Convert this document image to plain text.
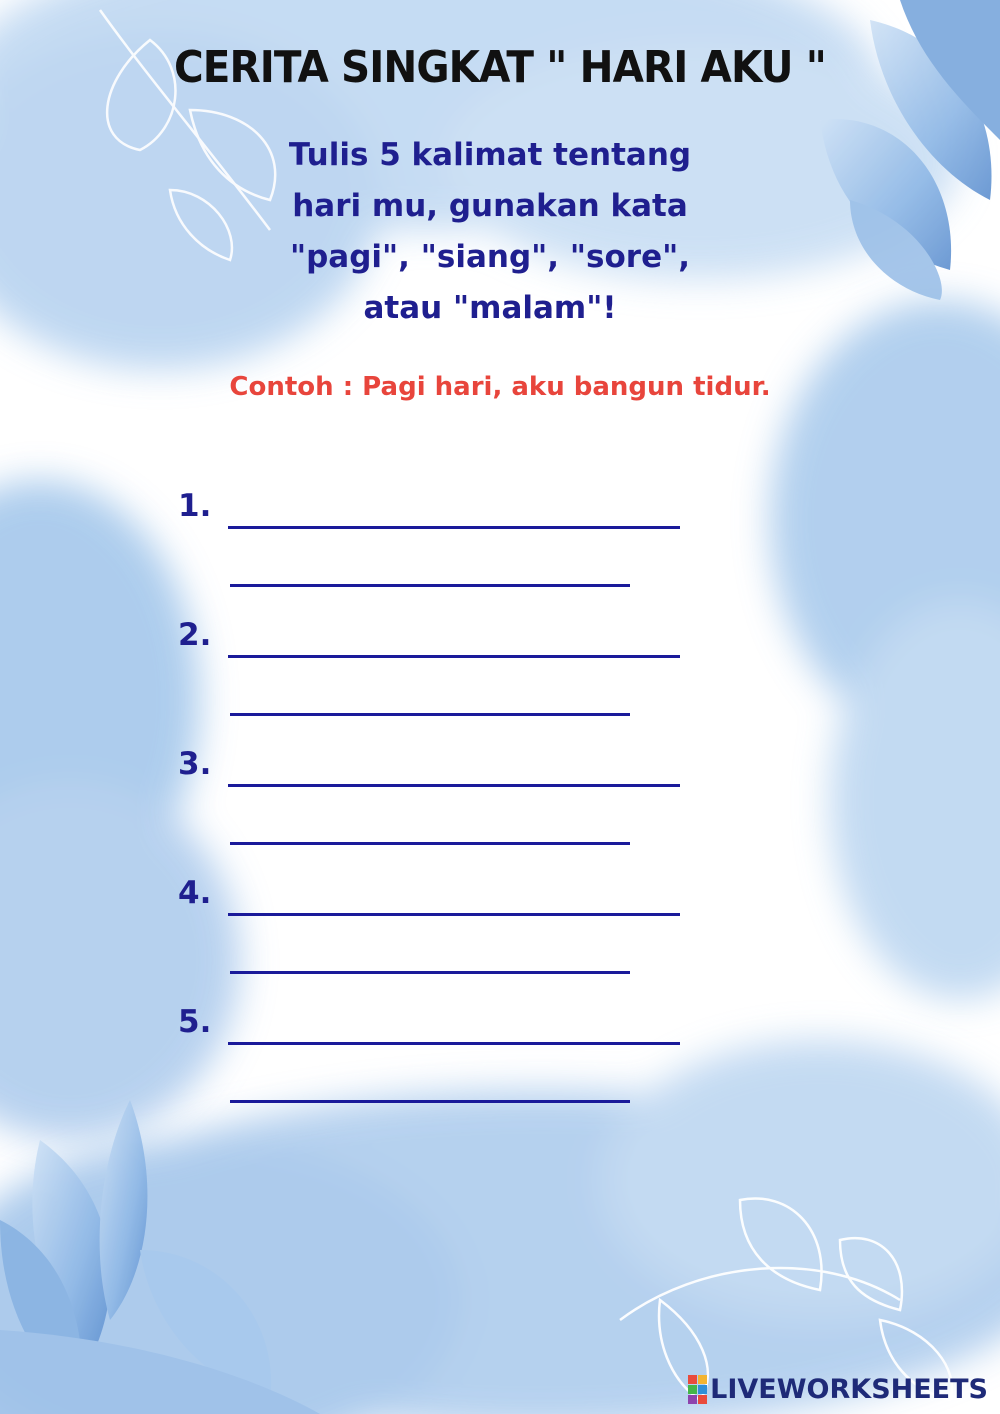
CERITA SINGKAT " HARI AKU "
Tulis 5 kalimat tentang
hari mu, gunakan kata
"pagi", "siang", "sore",
atau "malam"!
Contoh : Pagi hari, aku bangun tidur.
1.
2.
3.
4.
5.
LIVEWORKSHEETS
